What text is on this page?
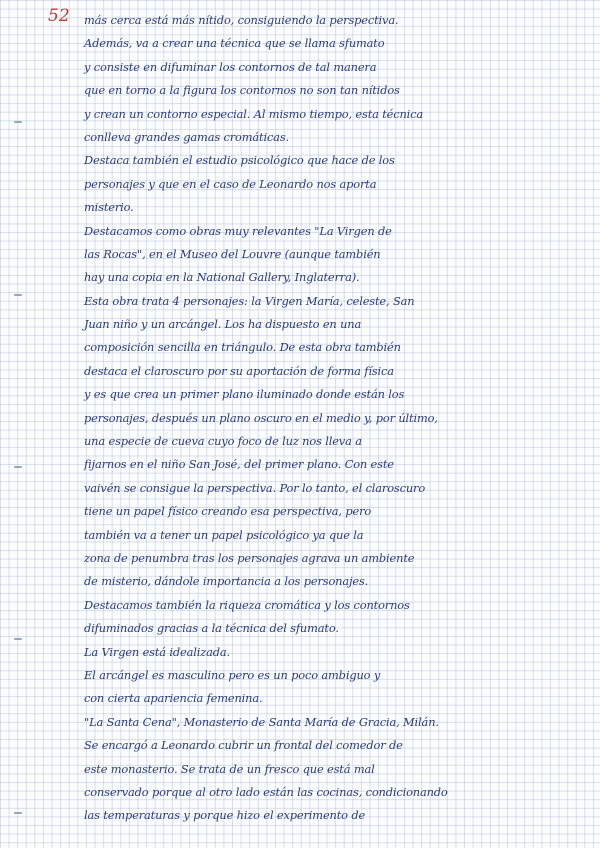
52 más cerca está más nítido, consiguiendo la perspectiva.
Además, va a crear una técnica que se llama sfumato
y consiste en difuminar los contornos de tal manera
que en torno a la figura los contornos no son tan nítidos
y crean un contorno especial. Al mismo tiempo, esta técnica
conlleva grandes gamas cromáticas.
Destaca también el estudio psicológico que hace de los
personajes y que en el caso de Leonardo nos aporta
misterio.
Destacamos como obras muy relevantes "La Virgen de
las Rocas", en el Museo del Louvre (aunque también
hay una copia en la National Gallery, Inglaterra).
Esta obra trata 4 personajes: la Virgen María, celeste, San
Juan niño y un arcángel. Los ha dispuesto en una
composición sencilla en triángulo. De esta obra también
destaca el claroscuro por su aportación de forma física
y es que crea un primer plano iluminado donde están los
personajes, después un plano oscuro en el medio y, por último,
una especie de cueva cuyo foco de luz nos lleva a
fijarnos en el niño San José, del primer plano. Con este
vaivén se consigue la perspectiva. Por lo tanto, el claroscuro
tiene un papel físico creando esa perspectiva, pero
también va a tener un papel psicológico ya que la
zona de penumbra tras los personajes agrava un ambiente
de misterio, dándole importancia a los personajes.
Destacamos también la riqueza cromática y los contornos
difuminados gracias a la técnica del sfumato.
La Virgen está idealizada.
El arcángel es masculino pero es un poco ambiguo y
con cierta apariencia femenina.
"La Santa Cena", Monasterio de Santa María de Gracia, Milán.
Se encargó a Leonardo cubrir un frontal del comedor de
este monasterio. Se trata de un fresco que está mal
conservado porque al otro lado están las cocinas, condicionando
las temperaturas y porque hizo el experimento de
